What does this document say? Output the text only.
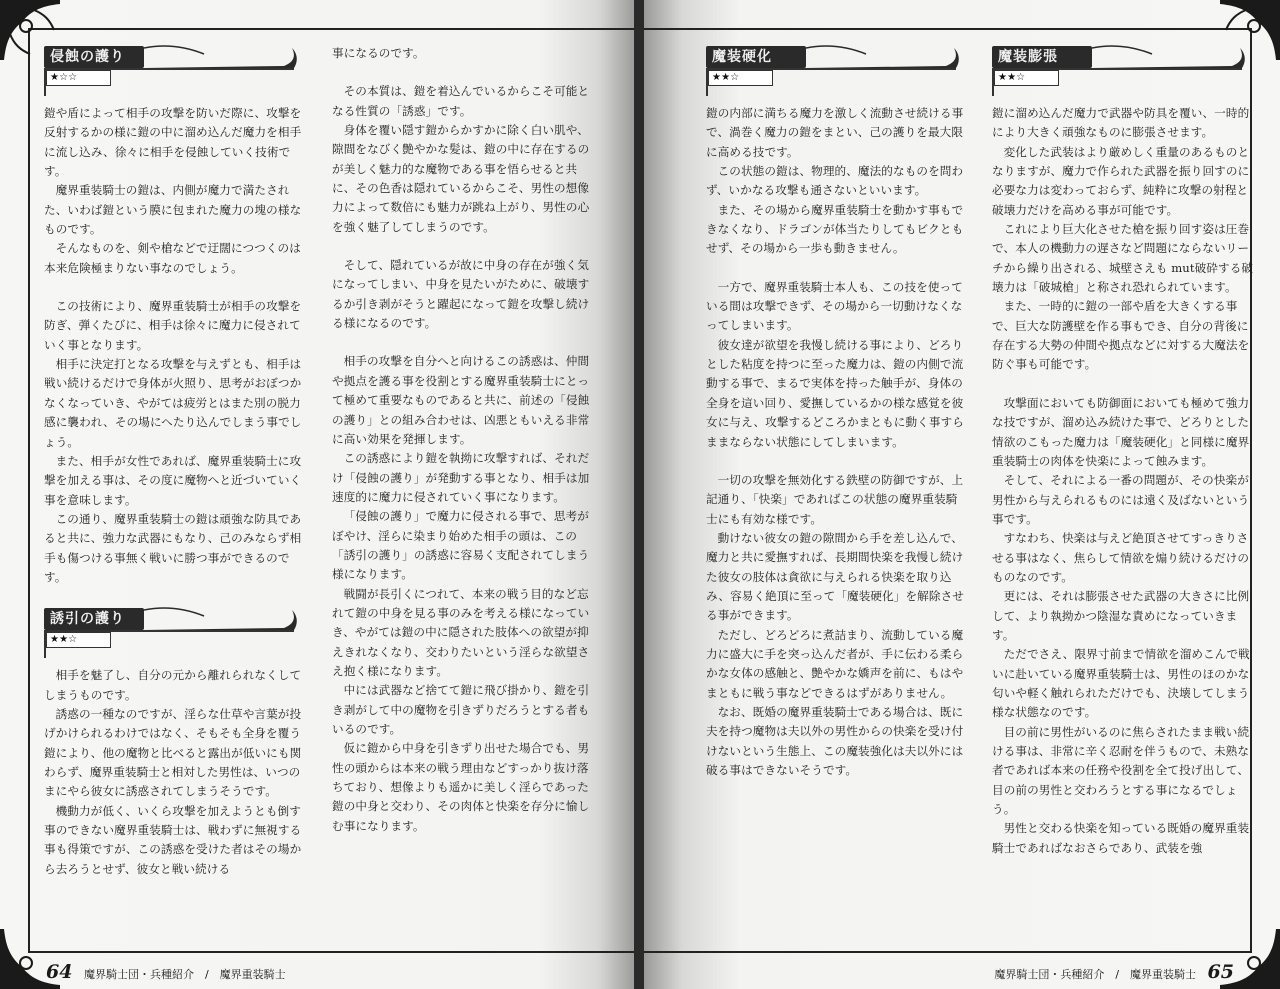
侵蝕の護り
★☆☆

鎧や盾によって相手の攻撃を防いだ際に、攻撃を反射するかの様に鎧の中に溜め込んだ魔力を相手に流し込み、徐々に相手を侵蝕していく技術です。

魔界重装騎士の鎧は、内側が魔力で満たされた、いわば鎧という膜に包まれた魔力の塊の様なものです。

そんなものを、剣や槍などで迂闊につつくのは本来危険極まりない事なのでしょう。

この技術により、魔界重装騎士が相手の攻撃を防ぎ、弾くたびに、相手は徐々に魔力に侵されていく事となります。

相手に決定打となる攻撃を与えずとも、相手は戦い続けるだけで身体が火照り、思考がおぼつかなくなっていき、やがては疲労とはまた別の脱力感に襲われ、その場にへたり込んでしまう事でしょう。

また、相手が女性であれば、魔界重装騎士に攻撃を加える事は、その度に魔物へと近づいていく事を意味します。

この通り、魔界重装騎士の鎧は頑強な防具であると共に、強力な武器にもなり、己のみならず相手も傷つける事無く戦いに勝つ事ができるのです。

誘引の護り
★★☆

相手を魅了し、自分の元から離れられなくしてしまうものです。

誘惑の一種なのですが、淫らな仕草や言葉が投げかけられるわけではなく、そもそも全身を覆う鎧により、他の魔物と比べると露出が低いにも関わらず、魔界重装騎士と相対した男性は、いつのまにやら彼女に誘惑されてしまうそうです。

機動力が低く、いくら攻撃を加えようとも倒す事のできない魔界重装騎士は、戦わずに無視する事も得策ですが、この誘惑を受けた者はその場から去ろうとせず、彼女と戦い続ける

事になるのです。

その本質は、鎧を着込んでいるからこそ可能となる性質の「誘惑」です。

身体を覆い隠す鎧からかすかに除く白い肌や、隙間をなびく艶やかな髪は、鎧の中に存在するのが美しく魅力的な魔物である事を悟らせると共に、その色香は隠れているからこそ、男性の想像力によって数倍にも魅力が跳ね上がり、男性の心を強く魅了してしまうのです。

そして、隠れているが故に中身の存在が強く気になってしまい、中身を見たいがために、破壊するか引き剥がそうと躍起になって鎧を攻撃し続ける様になるのです。

相手の攻撃を自分へと向けるこの誘惑は、仲間や拠点を護る事を役割とする魔界重装騎士にとって極めて重要なものであると共に、前述の「侵蝕の護り」との組み合わせは、凶悪ともいえる非常に高い効果を発揮します。

この誘惑により鎧を執拗に攻撃すれば、それだけ「侵蝕の護り」が発動する事となり、相手は加速度的に魔力に侵されていく事になります。

「侵蝕の護り」で魔力に侵される事で、思考がぼやけ、淫らに染まり始めた相手の頭は、この「誘引の護り」の誘惑に容易く支配されてしまう様になります。

戦闘が長引くにつれて、本来の戦う目的など忘れて鎧の中身を見る事のみを考える様になっていき、やがては鎧の中に隠された肢体への欲望が抑えきれなくなり、交わりたいという淫らな欲望さえ抱く様になります。

中には武器など捨てて鎧に飛び掛かり、鎧を引き剥がして中の魔物を引きずりだろうとする者もいるのです。

仮に鎧から中身を引きずり出せた場合でも、男性の頭からは本来の戦う理由などすっかり抜け落ちており、想像よりも遥かに美しく淫らであった鎧の中身と交わり、その肉体と快楽を存分に愉しむ事になります。

64 魔界騎士団・兵種紹介　/　魔界重装騎士
魔装硬化
★★☆

鎧の内部に満ちる魔力を激しく流動させ続ける事で、渦巻く魔力の鎧をまとい、己の護りを最大限に高める技です。

この状態の鎧は、物理的、魔法的なものを問わず、いかなる攻撃も通さないといいます。

また、その場から魔界重装騎士を動かす事もできなくなり、ドラゴンが体当たりしてもビクともせず、その場から一歩も動きません。

一方で、魔界重装騎士本人も、この技を使っている間は攻撃できず、その場から一切動けなくなってしまいます。

彼女達が欲望を我慢し続ける事により、どろりとした粘度を持つに至った魔力は、鎧の内側で流動する事で、まるで実体を持った触手が、身体の全身を這い回り、愛撫しているかの様な感覚を彼女に与え、攻撃するどころかまともに動く事すらままならない状態にしてしまいます。

一切の攻撃を無効化する鉄壁の防御ですが、上記通り、「快楽」であればこの状態の魔界重装騎士にも有効な様です。

動けない彼女の鎧の隙間から手を差し込んで、魔力と共に愛撫すれば、長期間快楽を我慢し続けた彼女の肢体は貪欲に与えられる快楽を取り込み、容易く絶頂に至って「魔装硬化」を解除させる事ができます。

ただし、どろどろに煮詰まり、流動している魔力に盛大に手を突っ込んだ者が、手に伝わる柔らかな女体の感触と、艶やかな嬌声を前に、もはやまともに戦う事などできるはずがありません。

なお、既婚の魔界重装騎士である場合は、既に夫を持つ魔物は夫以外の男性からの快楽を受け付けないという生態上、この魔装強化は夫以外には破る事はできないそうです。

魔装膨張
★★☆

鎧に溜め込んだ魔力で武器や防具を覆い、一時的により大きく頑強なものに膨張させます。

変化した武装はより厳めしく重量のあるものとなりますが、魔力で作られた武器を振り回すのに必要な力は変わっておらず、純粋に攻撃の射程と破壊力だけを高める事が可能です。

これにより巨大化させた槍を振り回す姿は圧巻で、本人の機動力の遅さなど問題にならないリーチから繰り出される、城壁さえも mut破砕する破壊力は「破城槍」と称され恐れられています。

また、一時的に鎧の一部や盾を大きくする事で、巨大な防護壁を作る事もでき、自分の背後に存在する大勢の仲間や拠点などに対する大魔法を防ぐ事も可能です。

攻撃面においても防御面においても極めて強力な技ですが、溜め込み続けた事で、どろりとした情欲のこもった魔力は「魔装硬化」と同様に魔界重装騎士の肉体を快楽によって蝕みます。

そして、それによる一番の問題が、その快楽が男性から与えられるものには遠く及ばないという事です。

すなわち、快楽は与えど絶頂させてすっきりさせる事はなく、焦らして情欲を煽り続けるだけのものなのです。

更には、それは膨張させた武器の大きさに比例して、より執拗かつ陰湿な責めになっていきます。

ただでさえ、限界寸前まで情欲を溜めこんで戦いに赴いている魔界重装騎士は、男性のほのかな匂いや軽く触れられただけでも、決壊してしまう様な状態なのです。

目の前に男性がいるのに焦らされたまま戦い続ける事は、非常に辛く忍耐を伴うもので、未熟な者であれば本来の任務や役割を全て投げ出して、目の前の男性と交わろうとする事になるでしょう。

男性と交わる快楽を知っている既婚の魔界重装騎士であればなおさらであり、武装を強

魔界騎士団・兵種紹介　/　魔界重装騎士 65
